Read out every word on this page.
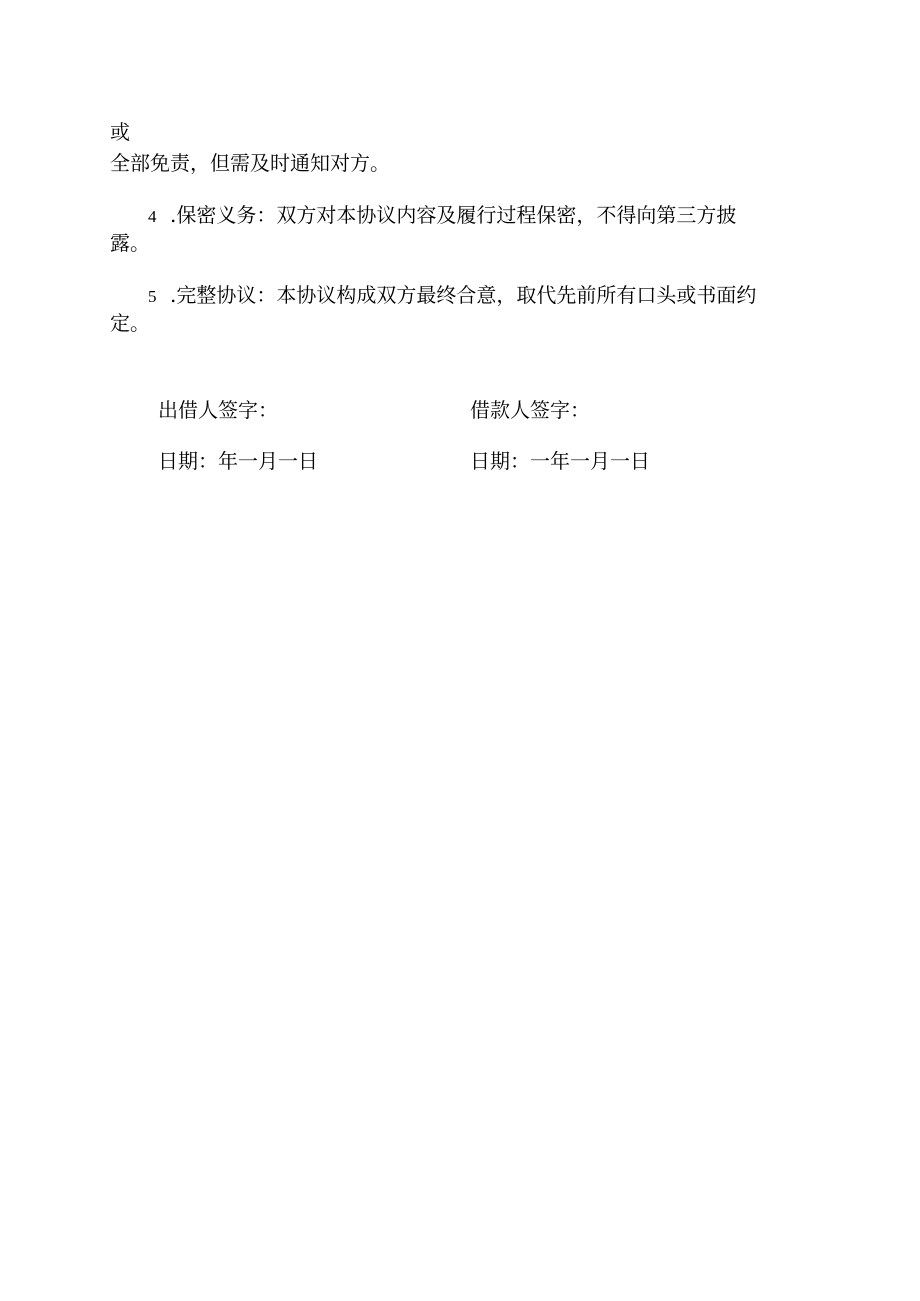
或
全部免责，但需及时通知对方。
4 .保密义务：双方对本协议内容及履行过程保密，不得向第三方披
露。
5 .完整协议：本协议构成双方最终合意，取代先前所有口头或书面约
定。
出借人签字：	借款人签字：
日期：年一月一日	日期：一年一月一日
